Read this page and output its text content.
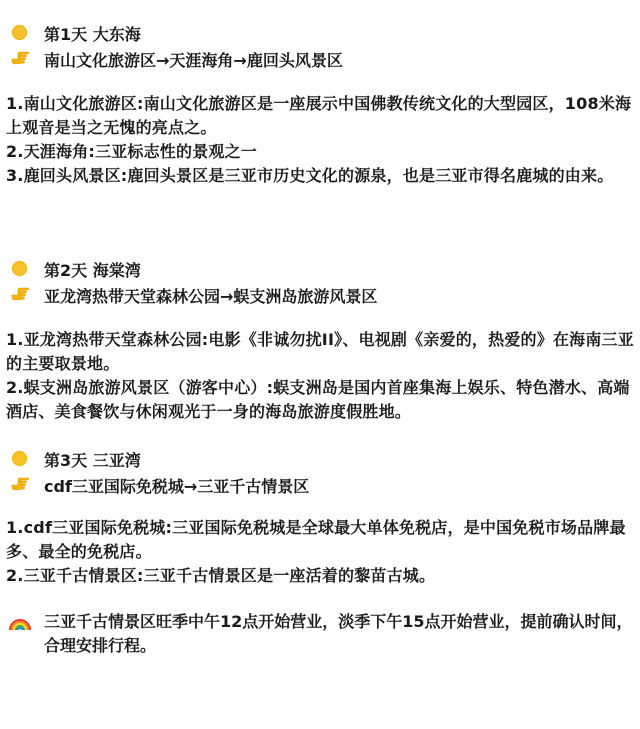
第1天 大东海
南山文化旅游区→天涯海角→鹿回头风景区
1.南山文化旅游区:南山文化旅游区是一座展示中国佛教传统文化的大型园区，108米海上观音是当之无愧的亮点之。
2.天涯海角:三亚标志性的景观之一
3.鹿回头风景区:鹿回头景区是三亚市历史文化的源泉，也是三亚市得名鹿城的由来。
第2天 海棠湾
亚龙湾热带天堂森林公园→蜈支洲岛旅游风景区
1.亚龙湾热带天堂森林公园:电影《非诚勿扰II》、电视剧《亲爱的，热爱的》在海南三亚的主要取景地。
2.蜈支洲岛旅游风景区（游客中心）:蜈支洲岛是国内首座集海上娱乐、特色潜水、高端酒店、美食餐饮与休闲观光于一身的海岛旅游度假胜地。
第3天 三亚湾
cdf三亚国际免税城→三亚千古情景区
1.cdf三亚国际免税城:三亚国际免税城是全球最大单体免税店，是中国免税市场品牌最多、最全的免税店。
2.三亚千古情景区:三亚千古情景区是一座活着的黎苗古城。
三亚千古情景区旺季中午12点开始营业，淡季下午15点开始营业，提前确认时间，合理安排行程。
